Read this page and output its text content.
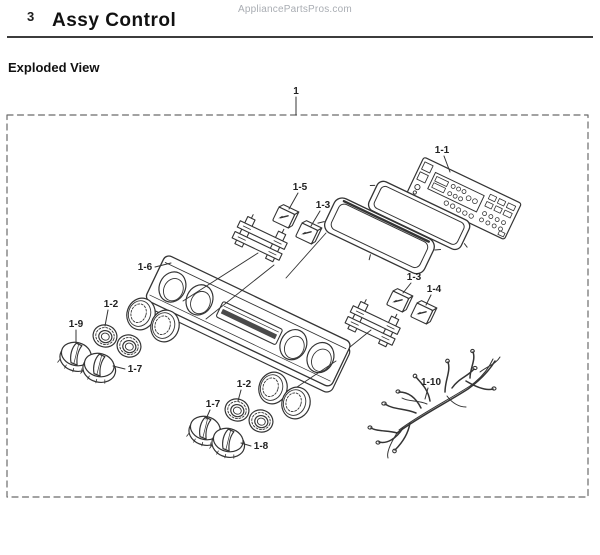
3 Assy Control
AppliancePartsPros.com
Exploded View
1
1-1
1-5
1-3
1-3
1-4
1-6
1-2
1-9
1-7
1-2
1-7
1-8
1-10
